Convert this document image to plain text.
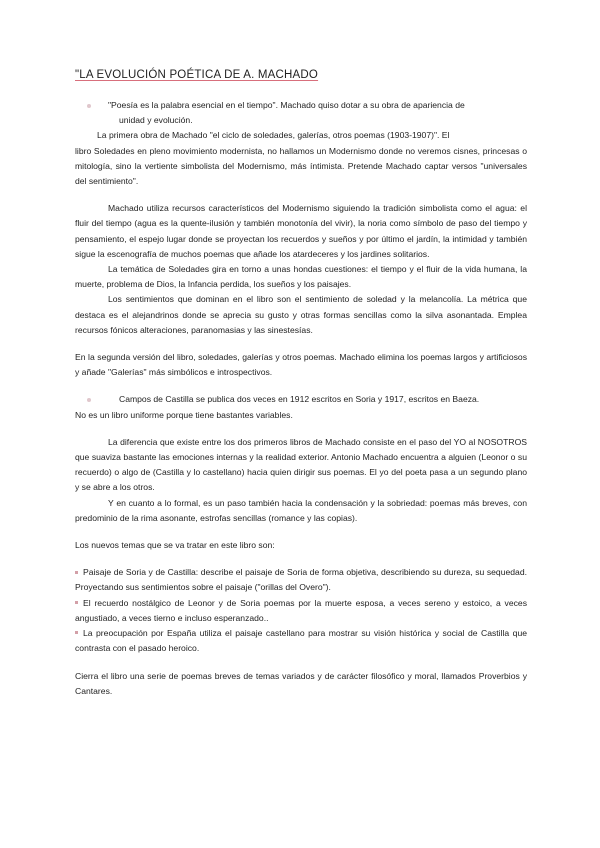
"LA EVOLUCIÓN POÉTICA DE A. MACHADO

"Poesía es la palabra esencial en el tiempo". Machado quiso dotar a su obra de apariencia de
unidad y evolución.

La primera obra de Machado "el ciclo de soledades, galerías, otros poemas (1903-1907)". El
libro Soledades en pleno movimiento modernista, no hallamos un Modernismo donde no veremos cisnes, princesas o mitología, sino la vertiente simbolista del Modernismo, más íntimista. Pretende Machado captar versos "universales del sentimiento".

Machado utiliza recursos característicos del Modernismo siguiendo la tradición simbolista como el agua: el fluir del tiempo (agua es la quente-ilusión y también monotonía del vivir), la noria como símbolo de paso del tiempo y pensamiento, el espejo lugar donde se proyectan los recuerdos y sueños y por último el jardín, la intimidad y también sigue la escenografía de muchos poemas que añade los atardeceres y los jardines solitarios.

La temática de Soledades gira en torno a unas hondas cuestiones: el tiempo y el fluir de la vida humana, la muerte, problema de Dios, la Infancia perdida, los sueños y los paisajes.

Los sentimientos que dominan en el libro son el sentimiento de soledad y la melancolía. La métrica que destaca es el alejandrinos donde se aprecia su gusto y otras formas sencillas como la silva asonantada. Emplea recursos fónicos alteraciones, paranomasias y las sinestesías.

En la segunda versión del libro, soledades, galerías y otros poemas. Machado elimina los poemas largos y artificiosos y añade "Galerías" más simbólicos e introspectivos.

Campos de Castilla se publica dos veces en 1912 escritos en Soria y 1917, escritos en Baeza.
No es un libro uniforme porque tiene bastantes variables.

La diferencia que existe entre los dos primeros libros de Machado consiste en el paso del YO al NOSOTROS que suaviza bastante las emociones internas y la realidad exterior. Antonio Machado encuentra a alguien (Leonor o su recuerdo) o algo de (Castilla y lo castellano) hacia quien dirigir sus poemas. El yo del poeta pasa a un segundo plano y se abre a los otros.

Y en cuanto a lo formal, es un paso también hacia la condensación y la sobriedad: poemas más breves, con predominio de la rima asonante, estrofas sencillas (romance y las copias).

Los nuevos temas que se va tratar en este libro son:

Paisaje de Soria y de Castilla: describe el paisaje de Soria de forma objetiva, describiendo su dureza, su sequedad. Proyectando sus sentimientos sobre el paisaje ("orillas del Overo").

El recuerdo nostálgico de Leonor y de Soria poemas por la muerte esposa, a veces sereno y estoico, a veces angustiado, a veces tierno e incluso esperanzado..

La preocupación por España utiliza el paisaje castellano para mostrar su visión histórica y social de Castilla que contrasta con el pasado heroico.

Cierra el libro una serie de poemas breves de temas variados y de carácter filosófico y moral, llamados Proverbios y Cantares.
